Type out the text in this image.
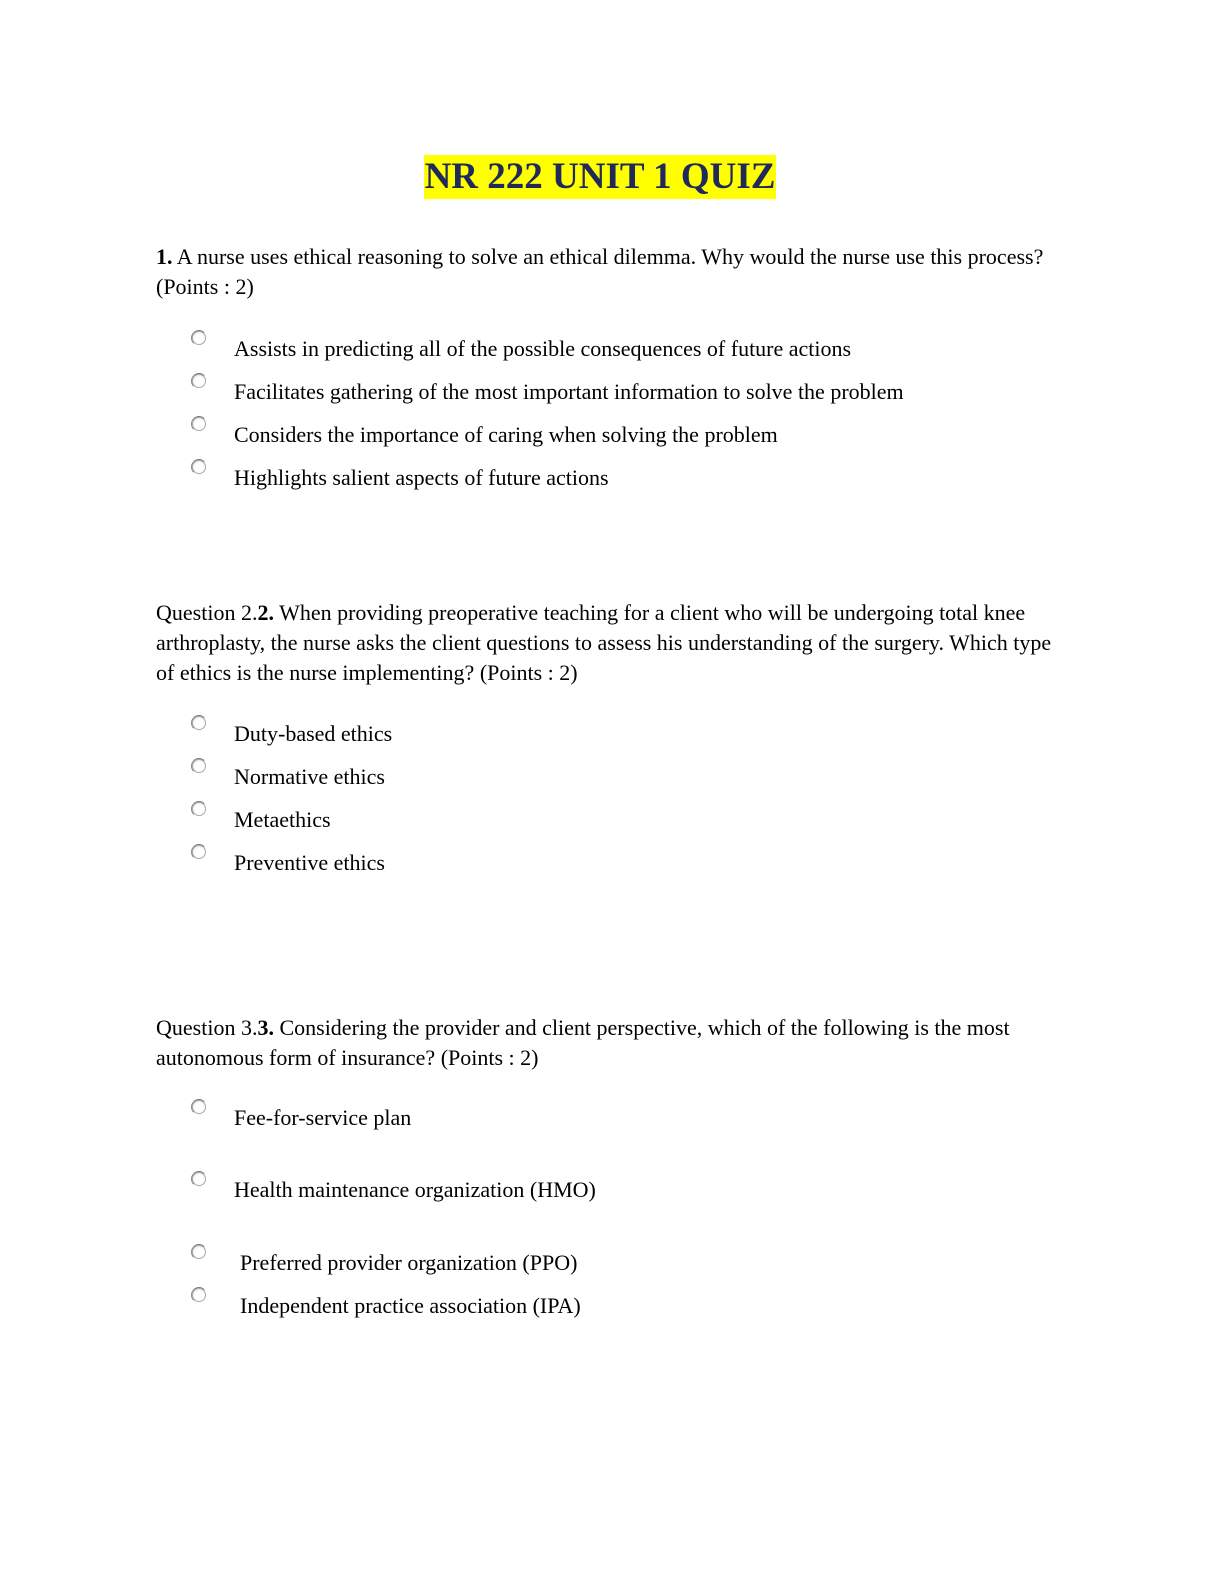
NR 222 UNIT 1 QUIZ

1. A nurse uses ethical reasoning to solve an ethical dilemma. Why would the nurse use this process? (Points : 2)

Assists in predicting all of the possible consequences of future actions
Facilitates gathering of the most important information to solve the problem
Considers the importance of caring when solving the problem
Highlights salient aspects of future actions

Question 2.2. When providing preoperative teaching for a client who will be undergoing total knee arthroplasty, the nurse asks the client questions to assess his understanding of the surgery. Which type of ethics is the nurse implementing? (Points : 2)

Duty-based ethics
Normative ethics
Metaethics
Preventive ethics

Question 3.3. Considering the provider and client perspective, which of the following is the most autonomous form of insurance? (Points : 2)

Fee-for-service plan
Health maintenance organization (HMO)
Preferred provider organization (PPO)
Independent practice association (IPA)
